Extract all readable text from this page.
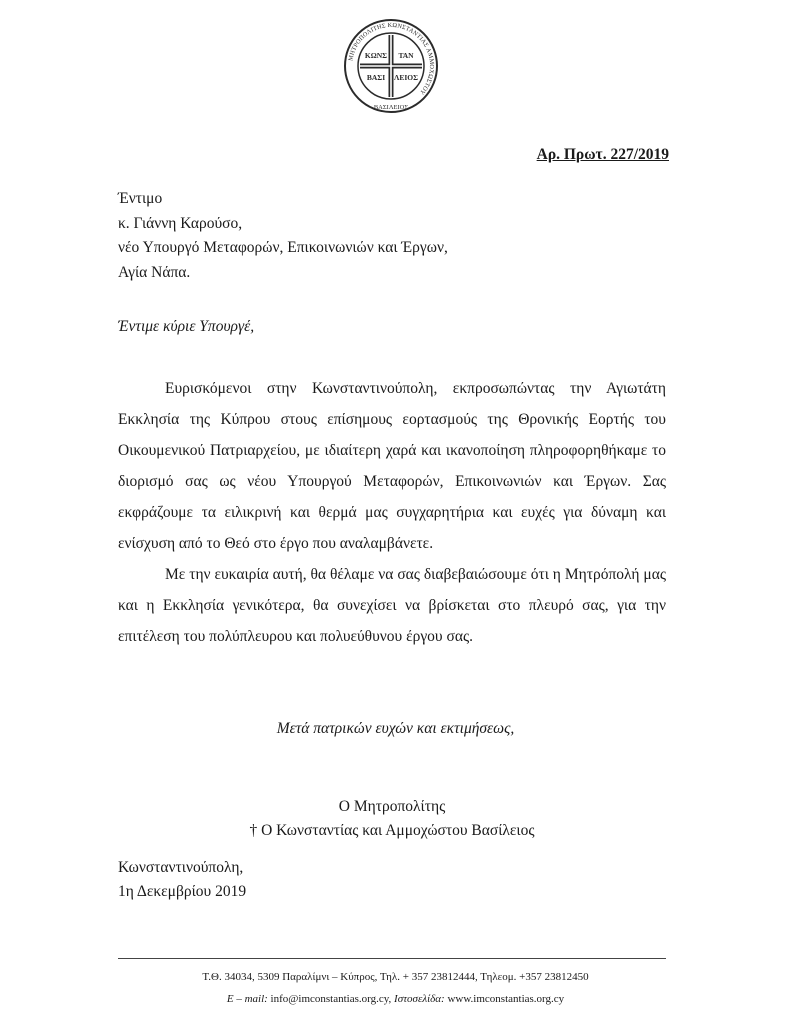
ΜΗΤΡΟΠΟΛΙΤΗΣ ΚΩΝΣΤΑΝΤΙΑΣ ΑΜΜΟΧΩΣΤΟΥ
ΒΑΣΙΛΕΙΟΣ
ΚΩΝΣ ΤΑΝ
ΒΑΣΙ ΛΕΙΟΣ
Αρ. Πρωτ. 227/2019
Έντιμο
κ. Γιάννη Καρούσο,
νέο Υπουργό Μεταφορών, Επικοινωνιών και Έργων,
Αγία Νάπα.
Έντιμε κύριε Υπουργέ,

Ευρισκόμενοι στην Κωνσταντινούπολη, εκπροσωπώντας την Αγιωτάτη Εκκλησία της Κύπρου στους επίσημους εορτασμούς της Θρονικής Εορτής του Οικουμενικού Πατριαρχείου, με ιδιαίτερη χαρά και ικανοποίηση πληροφορηθήκαμε το διορισμό σας ως νέου Υπουργού Μεταφορών, Επικοινωνιών και Έργων. Σας εκφράζουμε τα ειλικρινή και θερμά μας συγχαρητήρια και ευχές για δύναμη και ενίσχυση από το Θεό στο έργο που αναλαμβάνετε.

Με την ευκαιρία αυτή, θα θέλαμε να σας διαβεβαιώσουμε ότι η Μητρόπολή μας και η Εκκλησία γενικότερα, θα συνεχίσει να βρίσκεται στο πλευρό σας, για την επιτέλεση του πολύπλευρου και πολυεύθυνου έργου σας.

Μετά πατρικών ευχών και εκτιμήσεως,
Ο Μητροπολίτης
† Ο Κωνσταντίας και Αμμοχώστου Βασίλειος
Κωνσταντινούπολη,
1η Δεκεμβρίου 2019
Τ.Θ. 34034, 5309 Παραλίμνι – Κύπρος, Τηλ. + 357 23812444, Τηλεομ. +357 23812450
E – mail: info@imconstantias.org.cy, Ιστοσελίδα: www.imconstantias.org.cy
